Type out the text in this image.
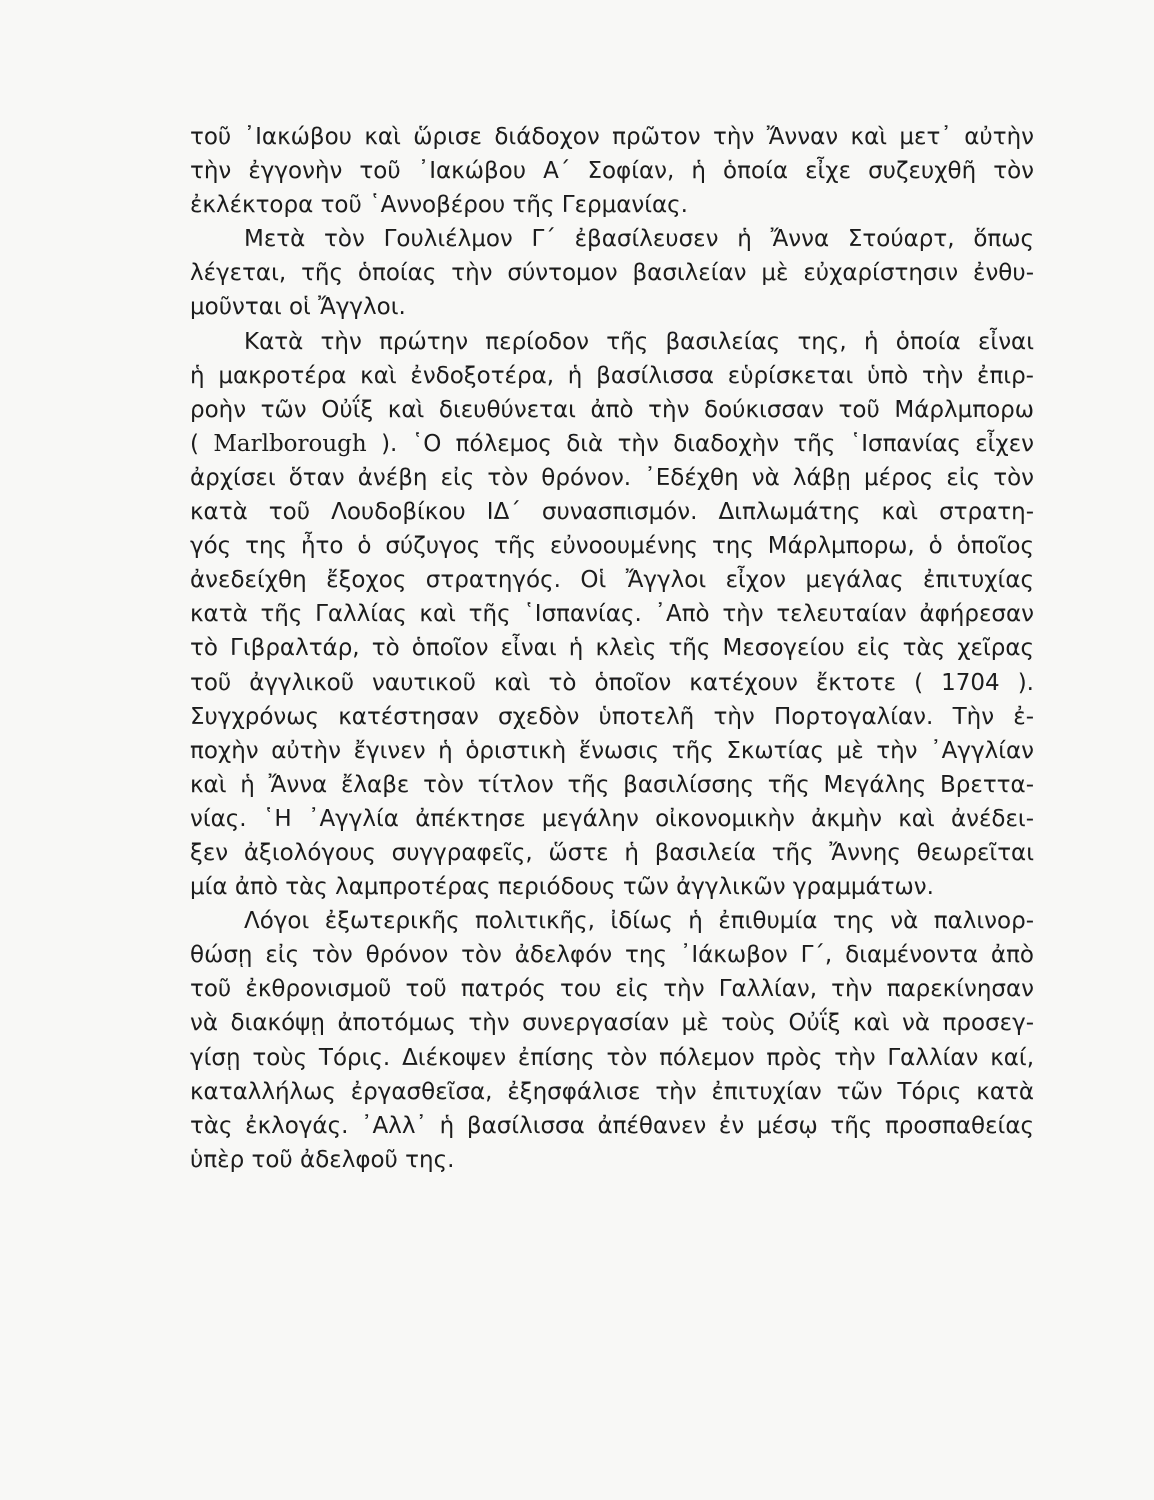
τοῦ ᾿Ιακώβου καὶ ὥρισε διάδοχον πρῶτον τὴν Ἄνναν καὶ μετ᾿ αὐτὴν
τὴν ἐγγονὴν τοῦ ᾿Ιακώβου Α΄ Σοφίαν, ἡ ὁποία εἶχε συζευχθῆ τὸν
ἐκλέκτορα τοῦ ῾Αννοβέρου τῆς Γερμανίας.
Μετὰ τὸν Γουλιέλμον Γ΄ ἐβασίλευσεν ἡ Ἄννα Στούαρτ, ὅπως
λέγεται, τῆς ὁποίας τὴν σύντομον βασιλείαν μὲ εὐχαρίστησιν ἐνθυ-
μοῦνται οἱ Ἄγγλοι.
Κατὰ τὴν πρώτην περίοδον τῆς βασιλείας της, ἡ ὁποία εἶναι
ἡ μακροτέρα καὶ ἐνδοξοτέρα, ἡ βασίλισσα εὑρίσκεται ὑπὸ τὴν ἐπιρ-
ροὴν τῶν Οὐΐξ καὶ διευθύνεται ἀπὸ τὴν δούκισσαν τοῦ Μάρλμπορω
( Marlborough ). ῾Ο πόλεμος διὰ τὴν διαδοχὴν τῆς ῾Ισπανίας εἶχεν
ἀρχίσει ὅταν ἀνέβη εἰς τὸν θρόνον. ᾿Εδέχθη νὰ λάβῃ μέρος εἰς τὸν
κατὰ τοῦ Λουδοβίκου ΙΔ΄ συνασπισμόν. Διπλωμάτης καὶ στρατη-
γός της ἦτο ὁ σύζυγος τῆς εὐνοουμένης της Μάρλμπορω, ὁ ὁποῖος
ἀνεδείχθη ἔξοχος στρατηγός. Οἱ Ἄγγλοι εἶχον μεγάλας ἐπιτυχίας
κατὰ τῆς Γαλλίας καὶ τῆς ῾Ισπανίας. ᾿Απὸ τὴν τελευταίαν ἀφήρεσαν
τὸ Γιβραλτάρ, τὸ ὁποῖον εἶναι ἡ κλεὶς τῆς Μεσογείου εἰς τὰς χεῖρας
τοῦ ἀγγλικοῦ ναυτικοῦ καὶ τὸ ὁποῖον κατέχουν ἔκτοτε ( 1704 ).
Συγχρόνως κατέστησαν σχεδὸν ὑποτελῆ τὴν Πορτογαλίαν. Τὴν ἐ-
ποχὴν αὐτὴν ἔγινεν ἡ ὁριστικὴ ἕνωσις τῆς Σκωτίας μὲ τὴν ᾿Αγγλίαν
καὶ ἡ Ἄννα ἔλαβε τὸν τίτλον τῆς βασιλίσσης τῆς Μεγάλης Βρεττα-
νίας. ῾Η ᾿Αγγλία ἀπέκτησε μεγάλην οἰκονομικὴν ἀκμὴν καὶ ἀνέδει-
ξεν ἀξιολόγους συγγραφεῖς, ὥστε ἡ βασιλεία τῆς Ἄννης θεωρεῖται
μία ἀπὸ τὰς λαμπροτέρας περιόδους τῶν ἀγγλικῶν γραμμάτων.
Λόγοι ἐξωτερικῆς πολιτικῆς, ἰδίως ἡ ἐπιθυμία της νὰ παλινορ-
θώσῃ εἰς τὸν θρόνον τὸν ἀδελφόν της ᾿Ιάκωβον Γ΄, διαμένοντα ἀπὸ
τοῦ ἐκθρονισμοῦ τοῦ πατρός του εἰς τὴν Γαλλίαν, τὴν παρεκίνησαν
νὰ διακόψῃ ἀποτόμως τὴν συνεργασίαν μὲ τοὺς Οὐΐξ καὶ νὰ προσεγ-
γίσῃ τοὺς Τόρις. Διέκοψεν ἐπίσης τὸν πόλεμον πρὸς τὴν Γαλλίαν καί,
καταλλήλως ἐργασθεῖσα, ἐξησφάλισε τὴν ἐπιτυχίαν τῶν Τόρις κατὰ
τὰς ἐκλογάς. ᾿Αλλ᾿ ἡ βασίλισσα ἀπέθανεν ἐν μέσῳ τῆς προσπαθείας
ὑπὲρ τοῦ ἀδελφοῦ της.
